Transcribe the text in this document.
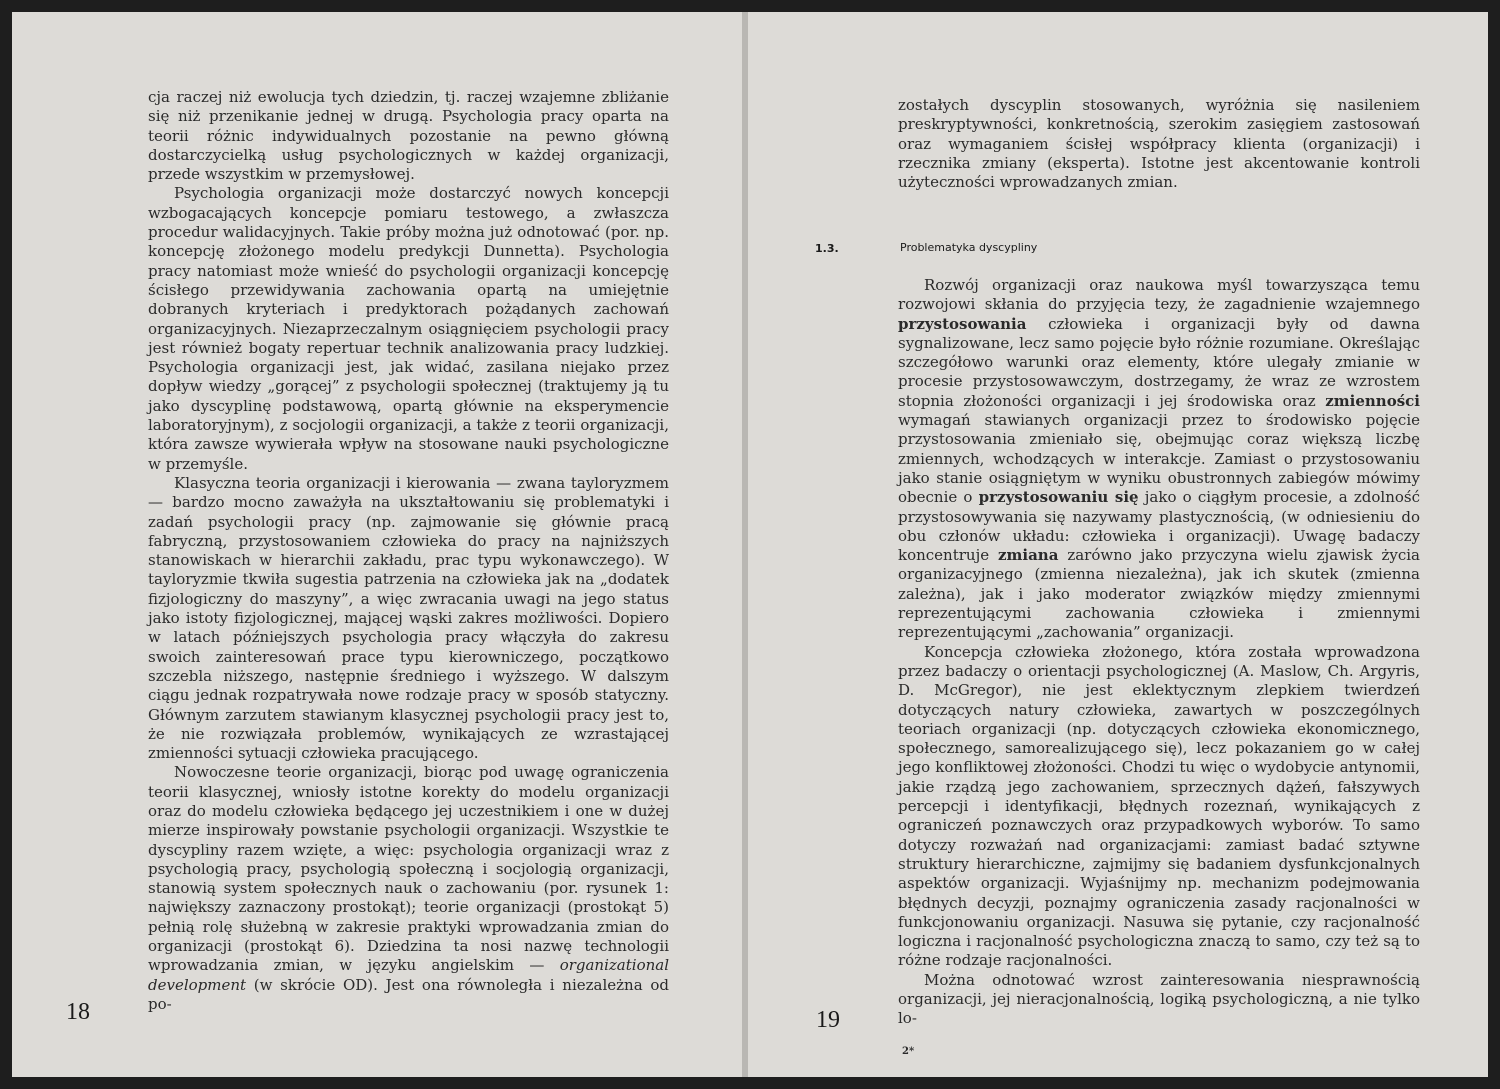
cja raczej niż ewolucja tych dziedzin, tj. raczej wzajemne zbliżanie się niż przenikanie jednej w drugą. Psychologia pracy oparta na teorii różnic indywidualnych pozostanie na pewno główną dostarczycielką usług psychologicznych w każdej organizacji, przede wszystkim w przemysłowej.

Psychologia organizacji może dostarczyć nowych koncepcji wzbogacających koncepcje pomiaru testowego, a zwłaszcza procedur walidacyjnych. Takie próby można już odnotować (por. np. koncepcję złożonego modelu predykcji Dunnetta). Psychologia pracy natomiast może wnieść do psychologii organizacji koncepcję ścisłego przewidywania zachowania opartą na umiejętnie dobranych kryteriach i predyktorach pożądanych zachowań organizacyjnych. Niezaprzeczalnym osiągnięciem psychologii pracy jest również bogaty repertuar technik analizowania pracy ludzkiej. Psychologia organizacji jest, jak widać, zasilana niejako przez dopływ wiedzy „gorącej” z psychologii społecznej (traktujemy ją tu jako dyscyplinę podstawową, opartą głównie na eksperymencie laboratoryjnym), z socjologii organizacji, a także z teorii organizacji, która zawsze wywierała wpływ na stosowane nauki psychologiczne w przemyśle.

Klasyczna teoria organizacji i kierowania — zwana tayloryzmem — bardzo mocno zaważyła na ukształtowaniu się problematyki i zadań psychologii pracy (np. zajmowanie się głównie pracą fabryczną, przystosowaniem człowieka do pracy na najniższych stanowiskach w hierarchii zakładu, prac typu wykonawczego). W tayloryzmie tkwiła sugestia patrzenia na człowieka jak na „dodatek fizjologiczny do maszyny”, a więc zwracania uwagi na jego status jako istoty fizjologicznej, mającej wąski zakres możliwości. Dopiero w latach późniejszych psychologia pracy włączyła do zakresu swoich zainteresowań prace typu kierowniczego, początkowo szczebla niższego, następnie średniego i wyższego. W dalszym ciągu jednak rozpatrywała nowe rodzaje pracy w sposób statyczny. Głównym zarzutem stawianym klasycznej psychologii pracy jest to, że nie rozwiązała problemów, wynikających ze wzrastającej zmienności sytuacji człowieka pracującego.

Nowoczesne teorie organizacji, biorąc pod uwagę ograniczenia teorii klasycznej, wniosły istotne korekty do modelu organizacji oraz do modelu człowieka będącego jej uczestnikiem i one w dużej mierze inspirowały powstanie psychologii organizacji. Wszystkie te dyscypliny razem wzięte, a więc: psychologia organizacji wraz z psychologią pracy, psychologią społeczną i socjologią organizacji, stanowią system społecznych nauk o zachowaniu (por. rysunek 1: największy zaznaczony prostokąt); teorie organizacji (prostokąt 5) pełnią rolę służebną w zakresie praktyki wprowadzania zmian do organizacji (prostokąt 6). Dziedzina ta nosi nazwę technologii wprowadzania zmian, w języku angielskim — organizational development (w skrócie OD). Jest ona równoległa i niezależna od po-

18

zostałych dyscyplin stosowanych, wyróżnia się nasileniem preskryptywności, konkretnością, szerokim zasięgiem zastosowań oraz wymaganiem ścisłej współpracy klienta (organizacji) i rzecznika zmiany (eksperta). Istotne jest akcentowanie kontroli użyteczności wprowadzanych zmian.

1.3.	Problematyka dyscypliny

Rozwój organizacji oraz naukowa myśl towarzysząca temu rozwojowi skłania do przyjęcia tezy, że zagadnienie wzajemnego przystosowania człowieka i organizacji były od dawna sygnalizowane, lecz samo pojęcie było różnie rozumiane. Określając szczegółowo warunki oraz elementy, które ulegały zmianie w procesie przystosowawczym, dostrzegamy, że wraz ze wzrostem stopnia złożoności organizacji i jej środowiska oraz zmienności wymagań stawianych organizacji przez to środowisko pojęcie przystosowania zmieniało się, obejmując coraz większą liczbę zmiennych, wchodzących w interakcje. Zamiast o przystosowaniu jako stanie osiągniętym w wyniku obustronnych zabiegów mówimy obecnie o przystosowaniu się jako o ciągłym procesie, a zdolność przystosowywania się nazywamy plastycznością, (w odniesieniu do obu członów układu: człowieka i organizacji). Uwagę badaczy koncentruje zmiana zarówno jako przyczyna wielu zjawisk życia organizacyjnego (zmienna niezależna), jak ich skutek (zmienna zależna), jak i jako moderator związków między zmiennymi reprezentującymi zachowania człowieka i zmiennymi reprezentującymi „zachowania” organizacji.

Koncepcja człowieka złożonego, która została wprowadzona przez badaczy o orientacji psychologicznej (A. Maslow, Ch. Argyris, D. McGregor), nie jest eklektycznym zlepkiem twierdzeń dotyczących natury człowieka, zawartych w poszczególnych teoriach organizacji (np. dotyczących człowieka ekonomicznego, społecznego, samorealizującego się), lecz pokazaniem go w całej jego konfliktowej złożoności. Chodzi tu więc o wydobycie antynomii, jakie rządzą jego zachowaniem, sprzecznych dążeń, fałszywych percepcji i identyfikacji, błędnych rozeznań, wynikających z ograniczeń poznawczych oraz przypadkowych wyborów. To samo dotyczy rozważań nad organizacjami: zamiast badać sztywne struktury hierarchiczne, zajmijmy się badaniem dysfunkcjonalnych aspektów organizacji. Wyjaśnijmy np. mechanizm podejmowania błędnych decyzji, poznajmy ograniczenia zasady racjonalności w funkcjonowaniu organizacji. Nasuwa się pytanie, czy racjonalność logiczna i racjonalność psychologiczna znaczą to samo, czy też są to różne rodzaje racjonalności.

Można odnotować wzrost zainteresowania niesprawnością organizacji, jej nieracjonalnością, logiką psychologiczną, a nie tylko lo-

19
2*
